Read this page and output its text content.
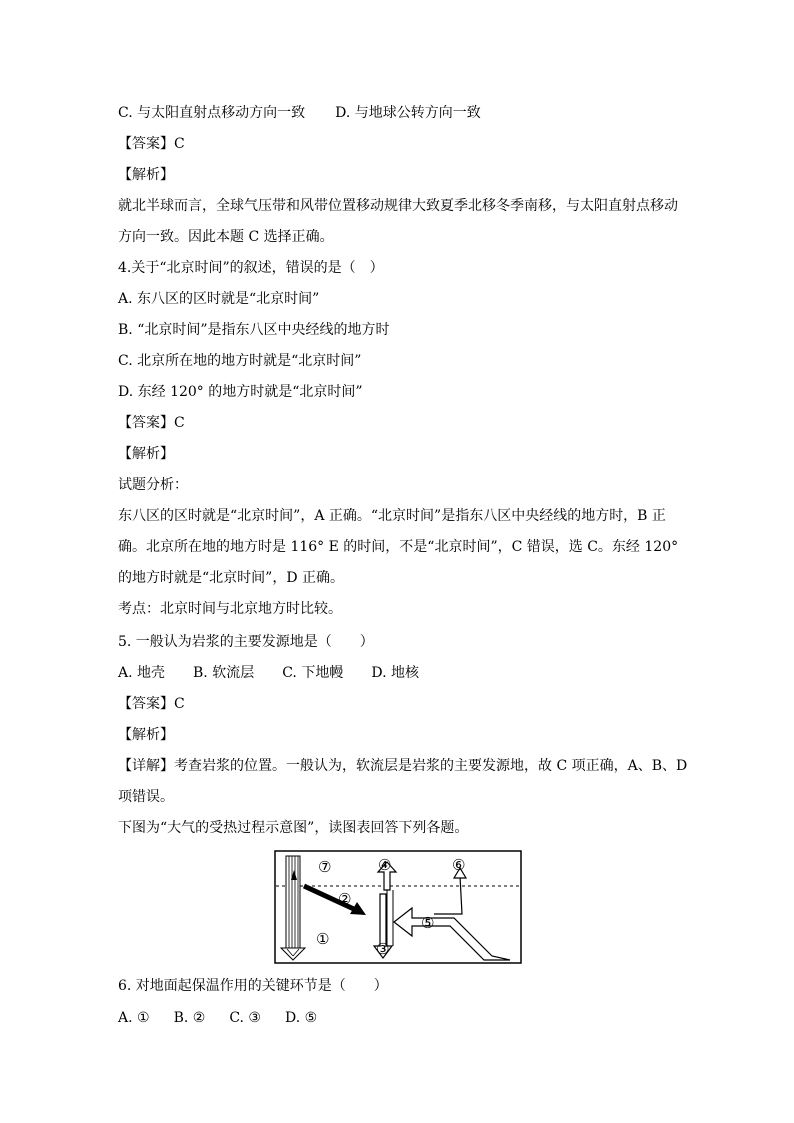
C. 与太阳直射点移动方向一致 D. 与地球公转方向一致
【答案】C
【解析】
就北半球而言，全球气压带和风带位置移动规律大致夏季北移冬季南移，与太阳直射点移动
方向一致。因此本题 C 选择正确。
4.关于“北京时间”的叙述，错误的是（　）
A. 东八区的区时就是“北京时间”
B. “北京时间”是指东八区中央经线的地方时
C. 北京所在地的地方时就是“北京时间”
D. 东经 120° 的地方时就是“北京时间”
【答案】C
【解析】
试题分析：
东八区的区时就是“北京时间”，A 正确。“北京时间”是指东八区中央经线的地方时，B 正
确。北京所在地的地方时是 116° E 的时间，不是“北京时间”，C 错误，选 C。东经 120°
的地方时就是“北京时间”，D 正确。
考点：北京时间与北京地方时比较。
5. 一般认为岩浆的主要发源地是（　　）
A. 地壳 B. 软流层 C. 下地幔 D. 地核
【答案】C
【解析】
【详解】考查岩浆的位置。一般认为，软流层是岩浆的主要发源地，故 C 项正确，A、B、D
项错误。
下图为“大气的受热过程示意图”，读图表回答下列各题。
⑦
②
①
④
③
⑤
⑥
6. 对地面起保温作用的关键环节是（　　）
A. ① B. ② C. ③ D. ⑤
